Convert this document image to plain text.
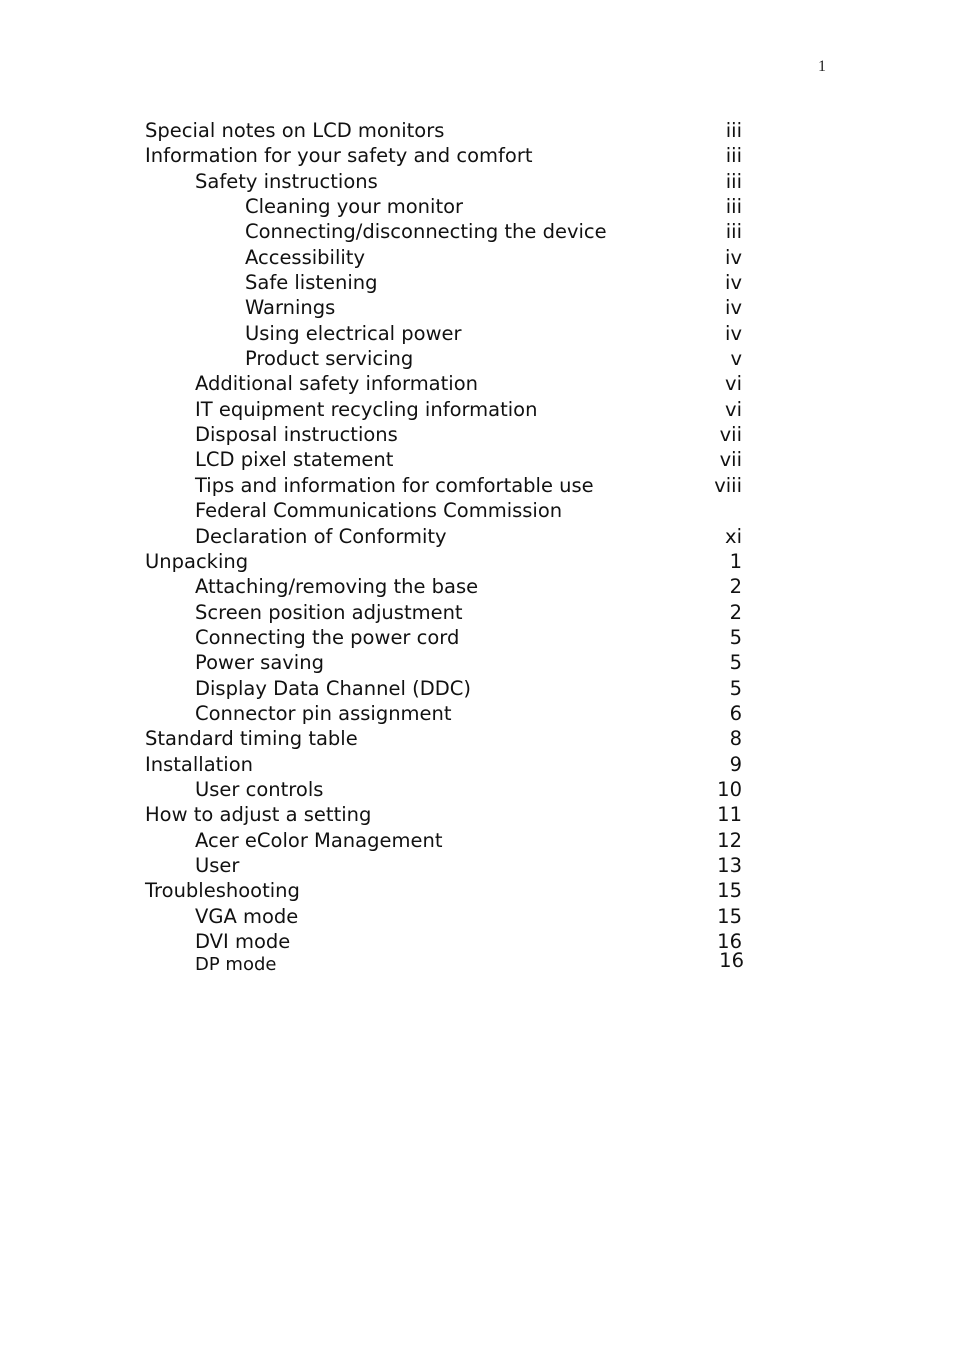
1
Special notes on LCD monitors	iii
Information for your safety and comfort	iii
Safety instructions	iii
Cleaning your monitor	iii
Connecting/disconnecting the device	iii
Accessibility	iv
Safe listening	iv
Warnings	iv
Using electrical power	iv
Product servicing	v
Additional safety information	vi
IT equipment recycling information	vi
Disposal instructions	vii
LCD pixel statement	vii
Tips and information for comfortable use	viii
Federal Communications Commission
Declaration of Conformity	xi
Unpacking	1
Attaching/removing the base	2
Screen position adjustment	2
Connecting the power cord	5
Power saving	5
Display Data Channel (DDC)	5
Connector pin assignment	6
Standard timing table	8
Installation	9
User controls	10
How to adjust a setting	11
Acer eColor Management	12
User	13
Troubleshooting	15
VGA mode	15
DVI mode	16
DP mode	16
